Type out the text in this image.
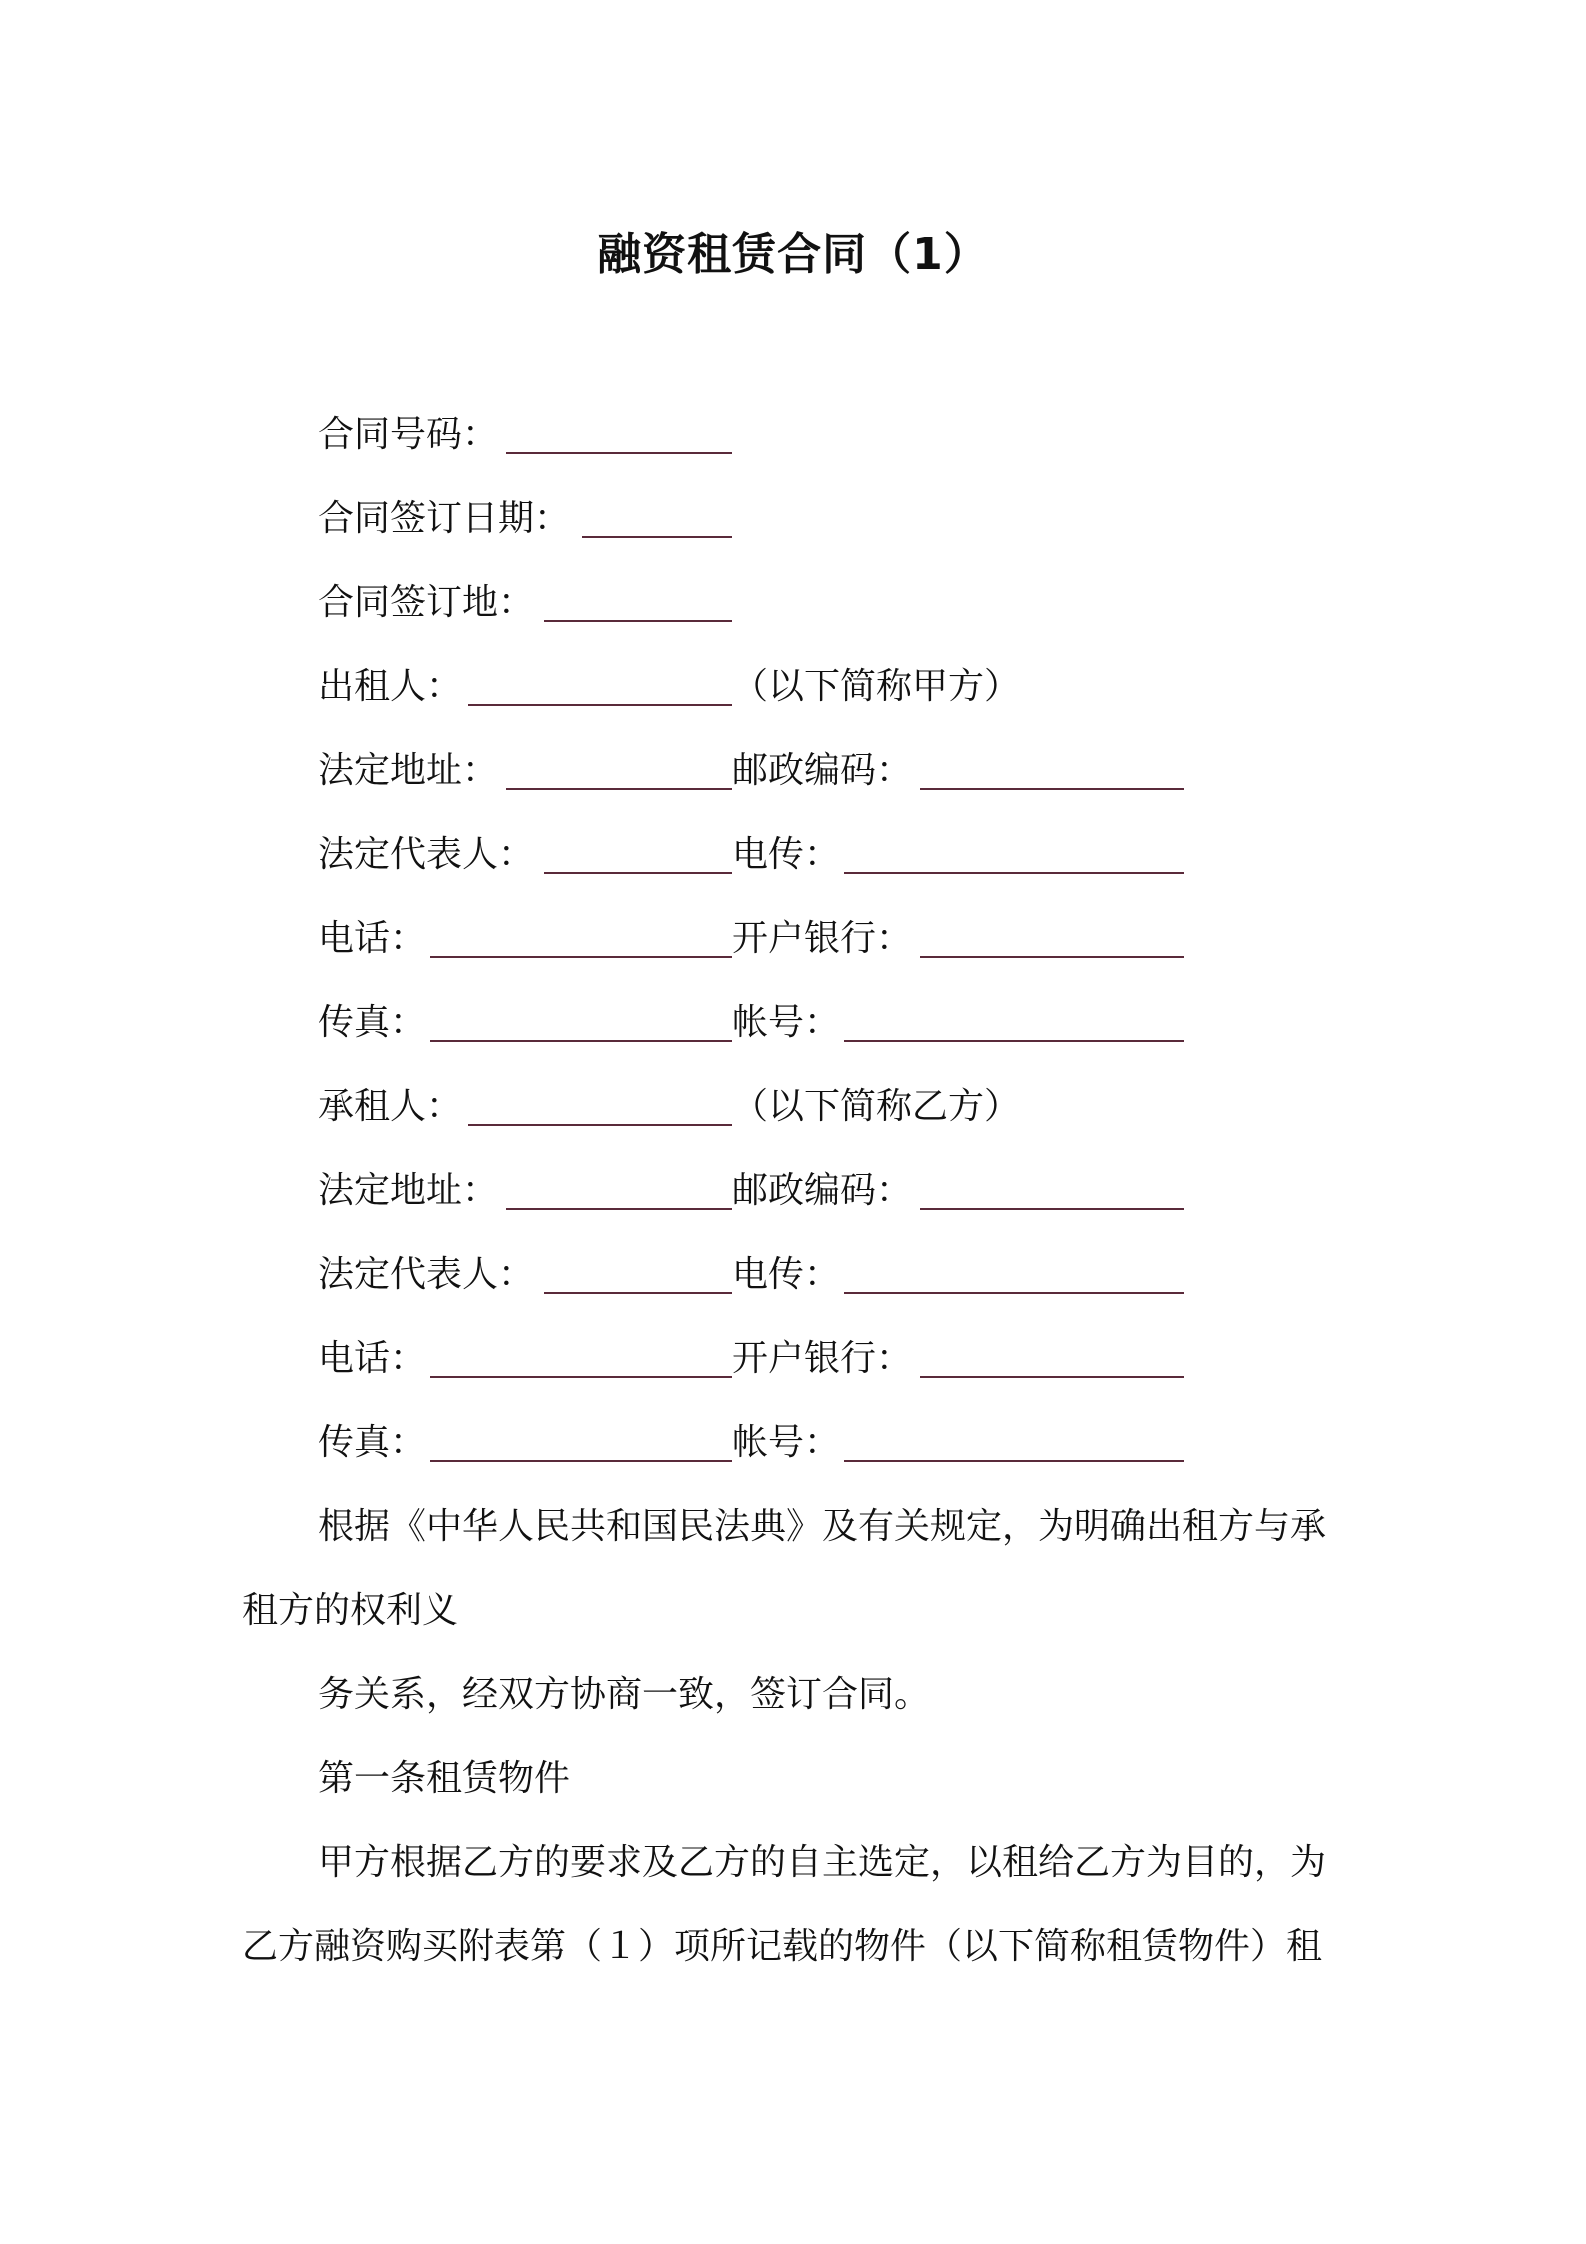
融资租赁合同（1）
合同号码：
合同签订日期：
合同签订地：
出租人：	（以下简称甲方）
法定地址：	邮政编码：
法定代表人：	电传：
电话：	开户银行：
传真：	帐号：
承租人：	（以下简称乙方）
法定地址：	邮政编码：
法定代表人：	电传：
电话：	开户银行：
传真：	帐号：
根据《中华人民共和国民法典》及有关规定，为明确出租方与承
租方的权利义
务关系，经双方协商一致，签订合同。
第一条租赁物件
甲方根据乙方的要求及乙方的自主选定，以租给乙方为目的，为
乙方融资购买附表第（１）项所记载的物件（以下简称租赁物件）租
